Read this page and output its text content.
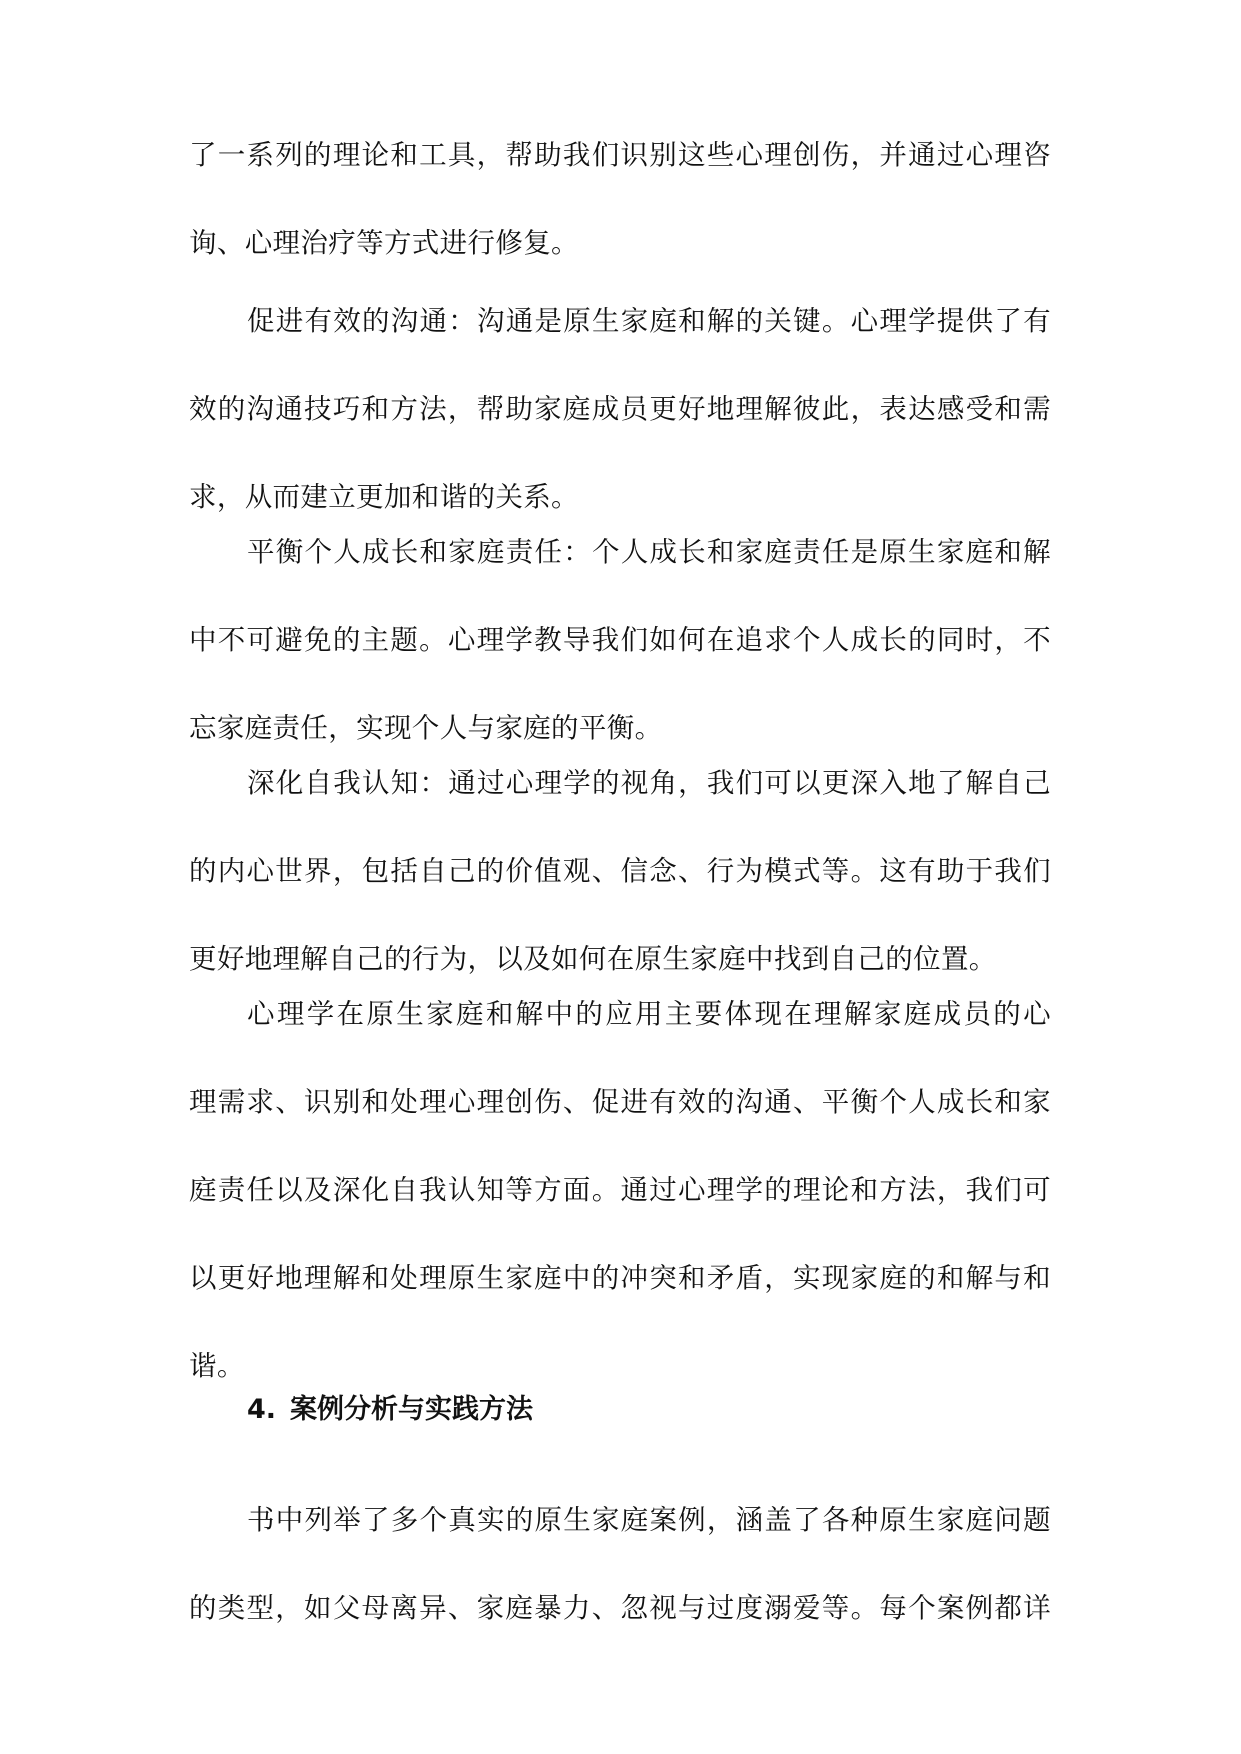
了一系列的理论和工具，帮助我们识别这些心理创伤，并通过心理咨
询、心理治疗等方式进行修复。
促进有效的沟通：沟通是原生家庭和解的关键。心理学提供了有
效的沟通技巧和方法，帮助家庭成员更好地理解彼此，表达感受和需
求，从而建立更加和谐的关系。
平衡个人成长和家庭责任：个人成长和家庭责任是原生家庭和解
中不可避免的主题。心理学教导我们如何在追求个人成长的同时，不
忘家庭责任，实现个人与家庭的平衡。
深化自我认知：通过心理学的视角，我们可以更深入地了解自己
的内心世界，包括自己的价值观、信念、行为模式等。这有助于我们
更好地理解自己的行为，以及如何在原生家庭中找到自己的位置。
心理学在原生家庭和解中的应用主要体现在理解家庭成员的心
理需求、识别和处理心理创伤、促进有效的沟通、平衡个人成长和家
庭责任以及深化自我认知等方面。通过心理学的理论和方法，我们可
以更好地理解和处理原生家庭中的冲突和矛盾，实现家庭的和解与和
谐。
4. 案例分析与实践方法
书中列举了多个真实的原生家庭案例，涵盖了各种原生家庭问题
的类型，如父母离异、家庭暴力、忽视与过度溺爱等。每个案例都详
